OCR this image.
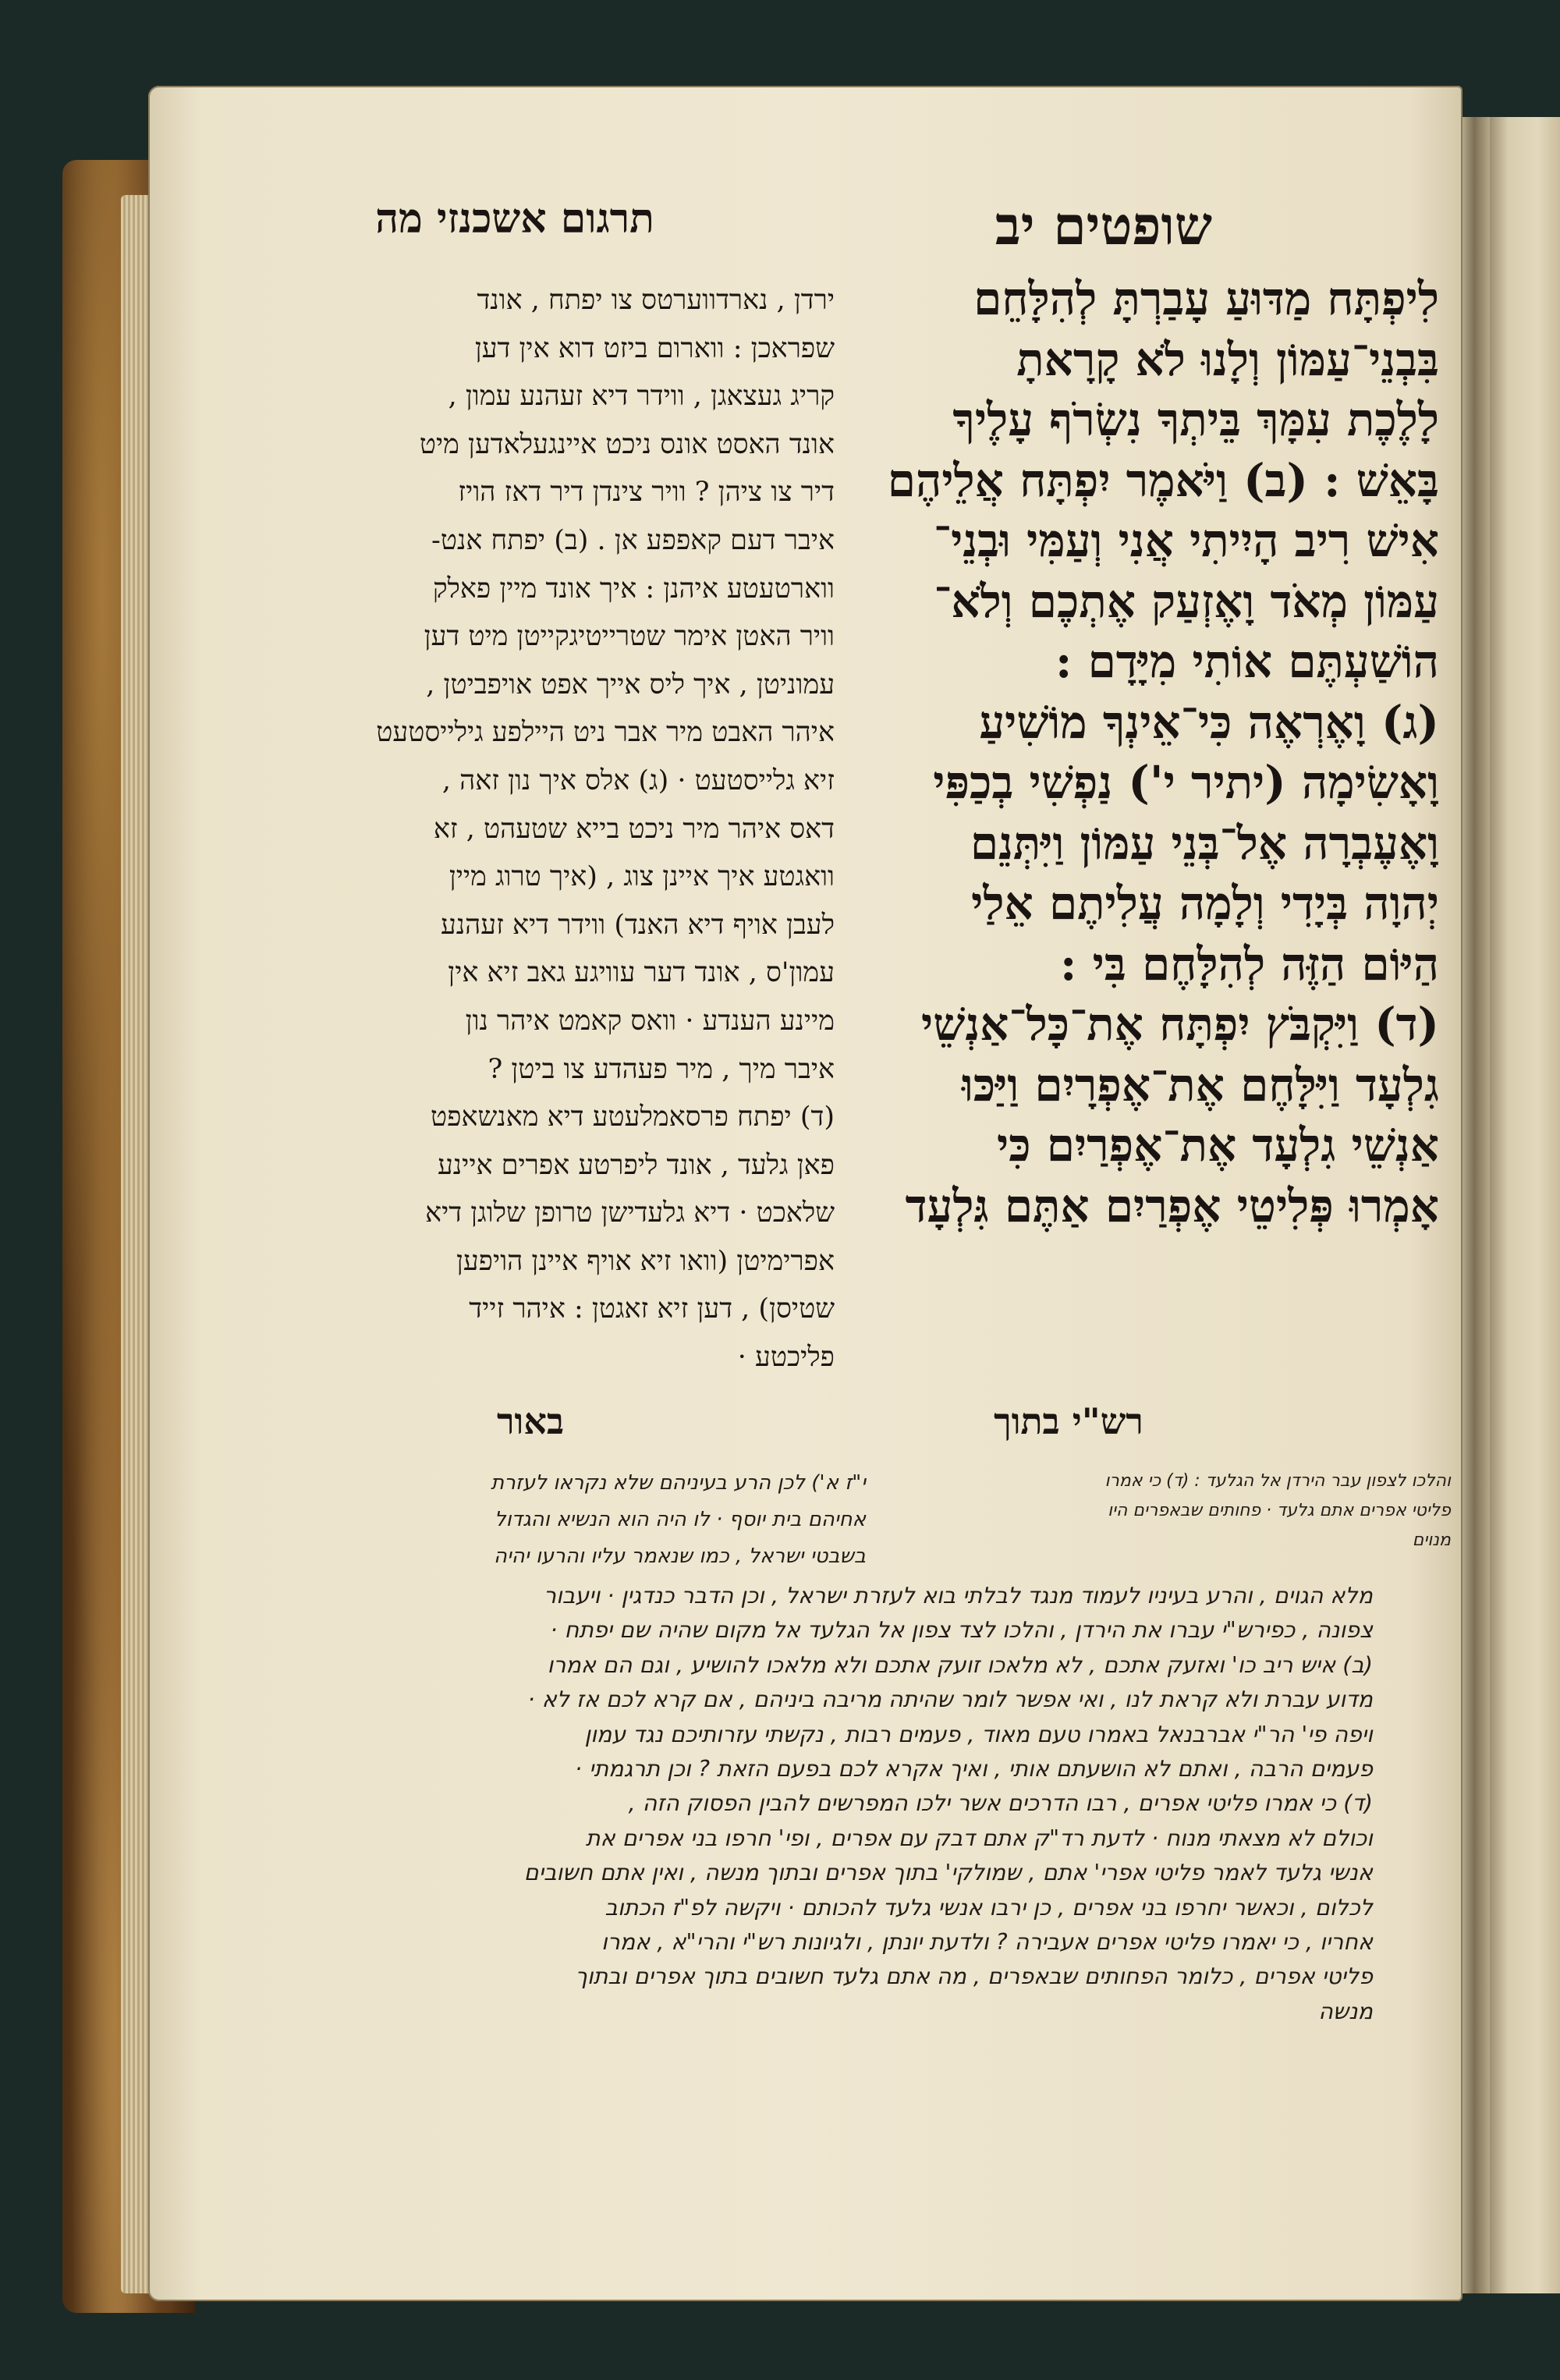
תרגום אשכנזי מה	שופטים יב

ירדן , נארדווערטס צו יפתח , אונד

שפראכן : ווארום ביזט דוא אין דען

קריג געצאגן , ווידר דיא זעהנע עמון ,

אונד האסט אונס ניכט איינגעלאדען מיט

דיר צו ציהן ? וויר צינדן דיר דאז הויז

איבר דעם קאפפע אן . (ב) יפתח אנט-

ווארטעטע איהנן : איך אונד מיין פאלק

וויר האטן אימר שטרייטיגקייטן מיט דען

עמוניטן , איך ליס אייך אפט אויפביטן ,

איהר האבט מיר אבר ניט היילפע גילייסטעט

זיא גלייסטעט · (ג) אלס איך נון זאה ,

דאס איהר מיר ניכט בייא שטעהט , זא

וואגטע איך איינן צוג , (איך טרוג מיין

לעבן אויף דיא האנד) ווידר דיא זעהנע

עמון'ס , אונד דער עוויגע גאב זיא אין

מיינע הענדע · וואס קאמט איהר נון

איבר מיך , מיר פעהדע צו ביטן ?

(ד) יפתח פרסאמלעטע דיא מאנשאפט

פאן גלעד , אונד ליפרטע אפרים איינע

שלאכט · דיא גלעדישן טרופן שלוגן דיא

אפרימיטן (וואו זיא אויף איינן הויפען

שטיסן) , דען זיא זאגטן : איהר זייד

פליכטע ·

לִיפְתָּח מַדּוּעַ עָבַרְתָּ לְהִלָּחֵם

בִּבְנֵי־עַמּוֹן וְלָנוּ לֹא קָרָאתָ

לָלֶכֶת עִמָּךְ בֵּיתְךָ נִשְׂרֹף עָלֶיךָ

בָּאֵשׁ : (ב) וַיֹּאמֶר יִפְתָּח אֲלֵיהֶם

אִישׁ רִיב הָיִיתִי אֲנִי וְעַמִּי וּבְנֵי־

עַמּוֹן מְאֹד וָאֶזְעַק אֶתְכֶם וְלֹא־

הוֹשַׁעְתֶּם אוֹתִי מִיָּדָם :

(ג) וָאֶרְאֶה כִּי־אֵינְךָ מוֹשִׁיעַ

וָאָשִׂימָה (יתיר י') נַפְשִׁי בְכַפִּי

וָאֶעֶבְרָה אֶל־בְּנֵי עַמּוֹן וַיִּתְּנֵם

יְהוָה בְּיָדִי וְלָמָה עֲלִיתֶם אֵלַי

הַיּוֹם הַזֶּה לְהִלָּחֶם בִּי :

(ד) וַיִּקְבֹּץ יִפְתָּח אֶת־כָּל־אַנְשֵׁי

גִלְעָד וַיִּלָּחֶם אֶת־אֶפְרָיִם וַיַּכּוּ

אַנְשֵׁי גִלְעָד אֶת־אֶפְרַיִם כִּי

אָמְרוּ פְּלִיטֵי אֶפְרַיִם אַתֶּם גִּלְעָד

באור	רש"י בתוך

י"ז א') לכן הרע בעיניהם שלא נקראו לעזרת

אחיהם בית יוסף · לו היה הוא הנשיא והגדול

בשבטי ישראל , כמו שנאמר עליו והרעו יהיה

והלכו לצפון עבר הירדן אל הגלעד : (ד) כי אמרו

פליטי אפרים אתם גלעד · פחותים שבאפרים היו

מנוים

מלא הגוים , והרע בעיניו לעמוד מנגד לבלתי בוא לעזרת ישראל , וכן הדבר כנדגין · ויעבור

צפונה , כפירש"י עברו את הירדן , והלכו לצד צפון אל הגלעד אל מקום שהיה שם יפתח ·

(ב) איש ריב כו' ואזעק אתכם , לא מלאכו זועק אתכם ולא מלאכו להושיע , וגם הם אמרו

מדוע עברת ולא קראת לנו , ואי אפשר לומר שהיתה מריבה ביניהם , אם קרא לכם אז לא ·

ויפה פי' הר"י אברבנאל באמרו טעם מאוד , פעמים רבות , נקשתי עזרותיכם נגד עמון

פעמים הרבה , ואתם לא הושעתם אותי , ואיך אקרא לכם בפעם הזאת ? וכן תרגמתי ·

(ד) כי אמרו פליטי אפרים , רבו הדרכים אשר ילכו המפרשים להבין הפסוק הזה ,

וכולם לא מצאתי מנוח · לדעת רד"ק אתם דבק עם אפרים , ופי' חרפו בני אפרים את

אנשי גלעד לאמר פליטי אפרי' אתם , שמולקי' בתוך אפרים ובתוך מנשה , ואין אתם חשובים

לכלום , וכאשר יחרפו בני אפרים , כן ירבו אנשי גלעד להכותם · ויקשה לפ"ז הכתוב

אחריו , כי יאמרו פליטי אפרים אעבירה ? ולדעת יונתן , ולגיונות רש"י והרי"א , אמרו

פליטי אפרים , כלומר הפחותים שבאפרים , מה אתם גלעד חשובים בתוך אפרים ובתוך

מנשה
